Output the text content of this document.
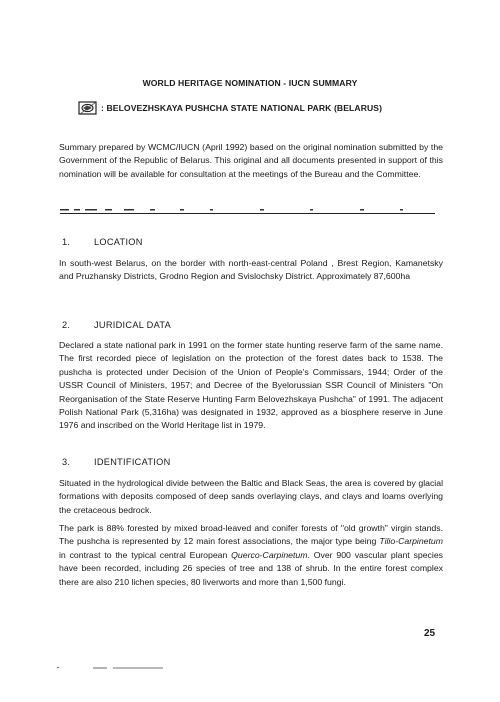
WORLD HERITAGE NOMINATION - IUCN SUMMARY
: BELOVEZHSKAYA PUSHCHA STATE NATIONAL PARK (BELARUS)

Summary prepared by WCMC/IUCN (April 1992) based on the original nomination submitted by the Government of the Republic of Belarus. This original and all documents presented in support of this nomination will be available for consultation at the meetings of the Bureau and the Committee.

1.	LOCATION

In south-west Belarus, on the border with north-east-central Poland , Brest Region, Kamanetsky and Pruzhansky Districts, Grodno Region and Svislochsky District. Approximately 87,600ha

2.	JURIDICAL DATA

Declared a state national park in 1991 on the former state hunting reserve farm of the same name. The first recorded piece of legislation on the protection of the forest dates back to 1538. The pushcha is protected under Decision of the Union of People's Commissars, 1944; Order of the USSR Council of Ministers, 1957; and Decree of the Byelorussian SSR Council of Ministers "On Reorganisation of the State Reserve Hunting Farm Belovezhskaya Pushcha" of 1991. The adjacent Polish National Park (5,316ha) was designated in 1932, approved as a biosphere reserve in June 1976 and inscribed on the World Heritage list in 1979.

3.	IDENTIFICATION

Situated in the hydrological divide between the Baltic and Black Seas, the area is covered by glacial formations with deposits composed of deep sands overlaying clays, and clays and loams overlying the cretaceous bedrock.

The park is 88% forested by mixed broad-leaved and conifer forests of "old growth" virgin stands. The pushcha is represented by 12 main forest associations, the major type being Tilio-Carpinetum in contrast to the typical central European Querco-Carpinetum. Over 900 vascular plant species have been recorded, including 26 species of tree and 138 of shrub. In the entire forest complex there are also 210 lichen species, 80 liverworts and more than 1,500 fungi.

25
